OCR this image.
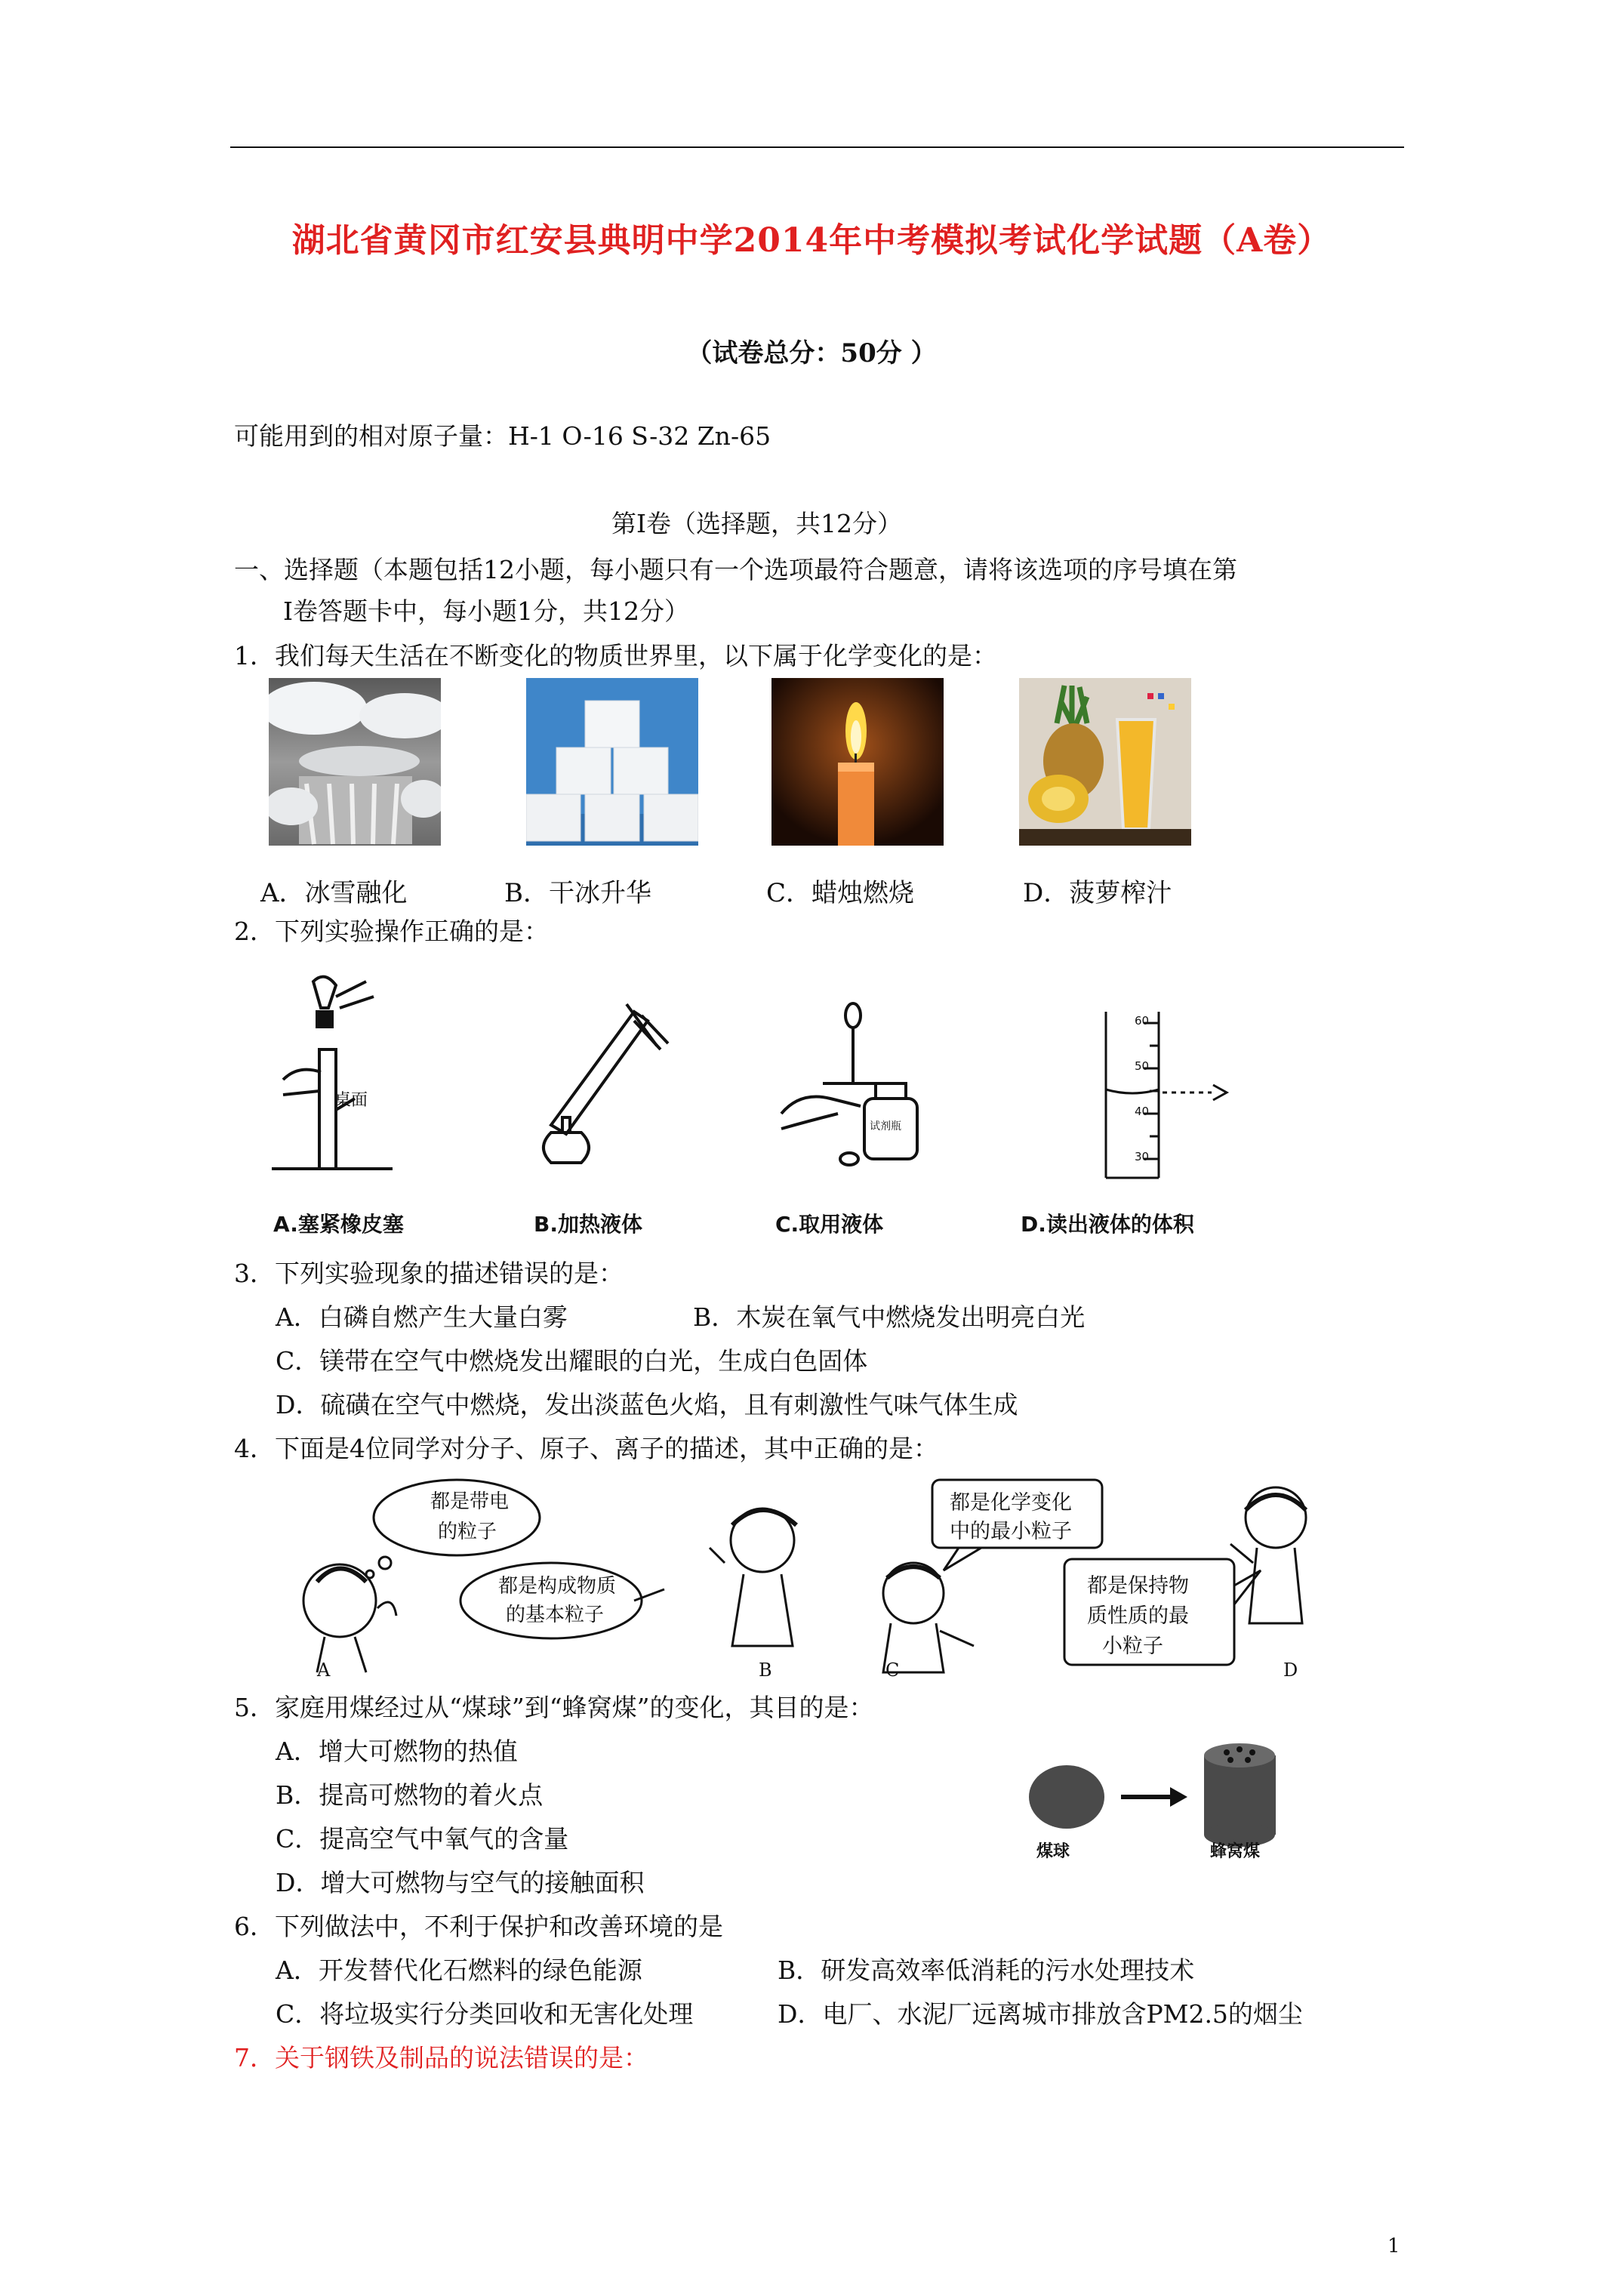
湖北省黄冈市红安县典明中学2014年中考模拟考试化学试题（A卷）
（试卷总分：50分 ）
可能用到的相对原子量：H-1 O-16 S-32 Zn-65
第Ⅰ卷（选择题，共12分）
一、选择题（本题包括12小题，每小题只有一个选项最符合题意，请将该选项的序号填在第
Ⅰ卷答题卡中，每小题1分，共12分）
1．我们每天生活在不断变化的物质世界里，以下属于化学变化的是：
A．冰雪融化	B．干冰升华	C．蜡烛燃烧	D．菠萝榨汁
2．下列实验操作正确的是：
桌面
试剂瓶
60
50
40
30
A.塞紧橡皮塞	B.加热液体	C.取用液体	D.读出液体的体积
3．下列实验现象的描述错误的是：
A．白磷自燃产生大量白雾	B．木炭在氧气中燃烧发出明亮白光
C．镁带在空气中燃烧发出耀眼的白光，生成白色固体
D．硫磺在空气中燃烧，发出淡蓝色火焰，且有刺激性气味气体生成
4．下面是4位同学对分子、原子、离子的描述，其中正确的是：
都是带电
的粒子
都是构成物质
的基本粒子
都是化学变化
中的最小粒子
都是保持物
质性质的最
小粒子
A	B	C	D
5．家庭用煤经过从“煤球”到“蜂窝煤”的变化，其目的是：
A．增大可燃物的热值
B．提高可燃物的着火点
C．提高空气中氧气的含量
D．增大可燃物与空气的接触面积
煤球	蜂窝煤
6．下列做法中，不利于保护和改善环境的是
A．开发替代化石燃料的绿色能源	B．研发高效率低消耗的污水处理技术
C．将垃圾实行分类回收和无害化处理	D．电厂、水泥厂远离城市排放含PM2.5的烟尘
7．关于钢铁及制品的说法错误的是：
1
